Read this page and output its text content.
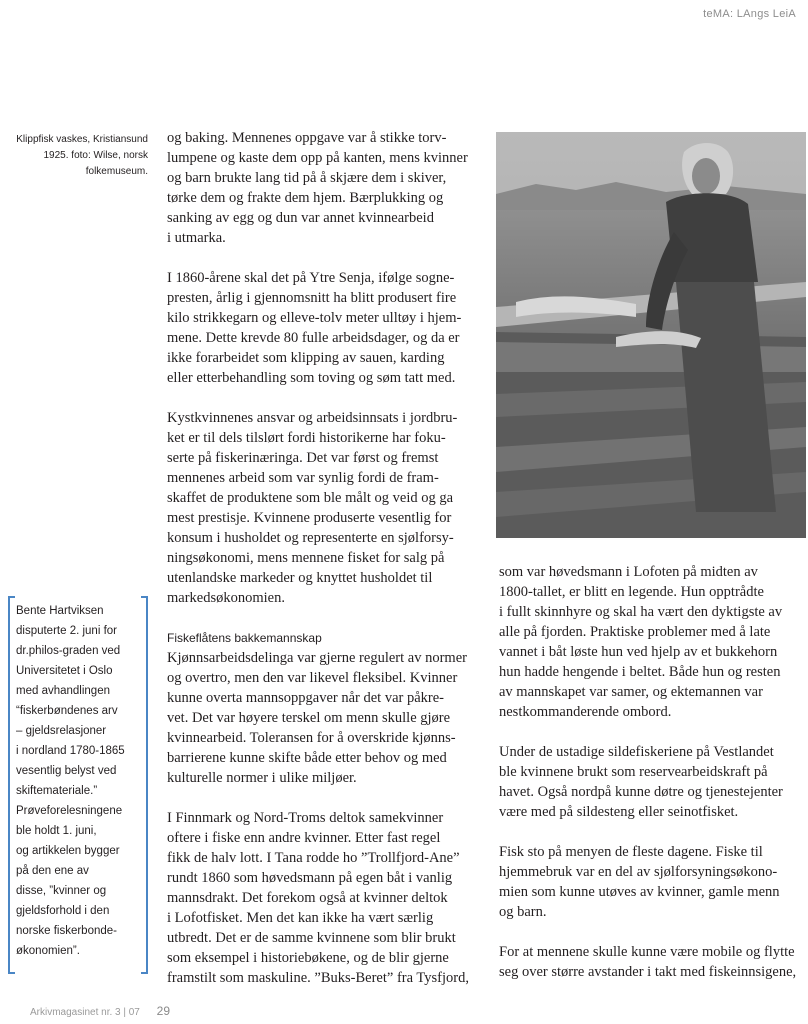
teMA: LAngs LeiA
Klippfisk vaskes, Kristiansund
1925. foto: Wilse, norsk
folkemuseum.
Bente Hartviksen
disputerte 2. juni for
dr.philos-graden ved
Universitetet i Oslo
med avhandlingen
“fiskerbøndenes arv
– gjeldsrelasjoner
i nordland 1780-1865
vesentlig belyst ved
skiftemateriale.”
Prøveforelesningene
ble holdt 1. juni,
og artikkelen bygger
på den ene av
disse, ”kvinner og
gjeldsforhold i den
norske fiskerbonde-
økonomien”.

og baking. Mennenes oppgave var å stikke torv-
lumpene og kaste dem opp på kanten, mens kvinner
og barn brukte lang tid på å skjære dem i skiver,
tørke dem og frakte dem hjem. Bærplukking og
sanking av egg og dun var annet kvinnearbeid
i utmarka.

I 1860-årene skal det på Ytre Senja, ifølge sogne-
presten, årlig i gjennomsnitt ha blitt produsert fire
kilo strikkegarn og elleve-tolv meter ulltøy i hjem-
mene. Dette krevde 80 fulle arbeidsdager, og da er
ikke forarbeidet som klipping av sauen, karding
eller etterbehandling som toving og søm tatt med.

Kystkvinnenes ansvar og arbeidsinnsats i jordbru-
ket er til dels tilslørt fordi historikerne har foku-
serte på fiskerinæringa. Det var først og fremst
mennenes arbeid som var synlig fordi de fram-
skaffet de produktene som ble målt og veid og ga
mest prestisje. Kvinnene produserte vesentlig for
konsum i husholdet og representerte en sjølforsy-
ningsøkonomi, mens mennene fisket for salg på
utenlandske markeder og knyttet husholdet til
markedsøkonomien.

Fiskeflåtens bakkemannskap
Kjønnsarbeidsdelinga var gjerne regulert av normer
og overtro, men den var likevel fleksibel. Kvinner
kunne overta mannsoppgaver når det var påkre-
vet. Det var høyere terskel om menn skulle gjøre
kvinnearbeid. Toleransen for å overskride kjønns-
barrierene kunne skifte både etter behov og med
kulturelle normer i ulike miljøer.

I Finnmark og Nord-Troms deltok samekvinner
oftere i fiske enn andre kvinner. Etter fast regel
fikk de halv lott. I Tana rodde ho ”Trollfjord-Ane”
rundt 1860 som høvedsmann på egen båt i vanlig
mannsdrakt. Det forekom også at kvinner deltok
i Lofotfisket. Men det kan ikke ha vært særlig
utbredt. Det er de samme kvinnene som blir brukt
som eksempel i historiebøkene, og de blir gjerne
framstilt som maskuline. ”Buks-Beret” fra Tysfjord,

som var høvedsmann i Lofoten på midten av
1800-tallet, er blitt en legende. Hun opptrådte
i fullt skinnhyre og skal ha vært den dyktigste av
alle på fjorden. Praktiske problemer med å late
vannet i båt løste hun ved hjelp av et bukkehorn
hun hadde hengende i beltet. Både hun og resten
av mannskapet var samer, og ektemannen var
nestkommanderende ombord.

Under de ustadige sildefiskeriene på Vestlandet
ble kvinnene brukt som reservearbeidskraft på
havet. Også nordpå kunne døtre og tjenestejenter
være med på sildesteng eller seinotfisket.

Fisk sto på menyen de fleste dagene. Fiske til
hjemmebruk var en del av sjølforsyningsøkono-
mien som kunne utøves av kvinner, gamle menn
og barn.

For at mennene skulle kunne være mobile og flytte
seg over større avstander i takt med fiskeinnsigene,

Arkivmagasinet nr. 3 | 07 29
